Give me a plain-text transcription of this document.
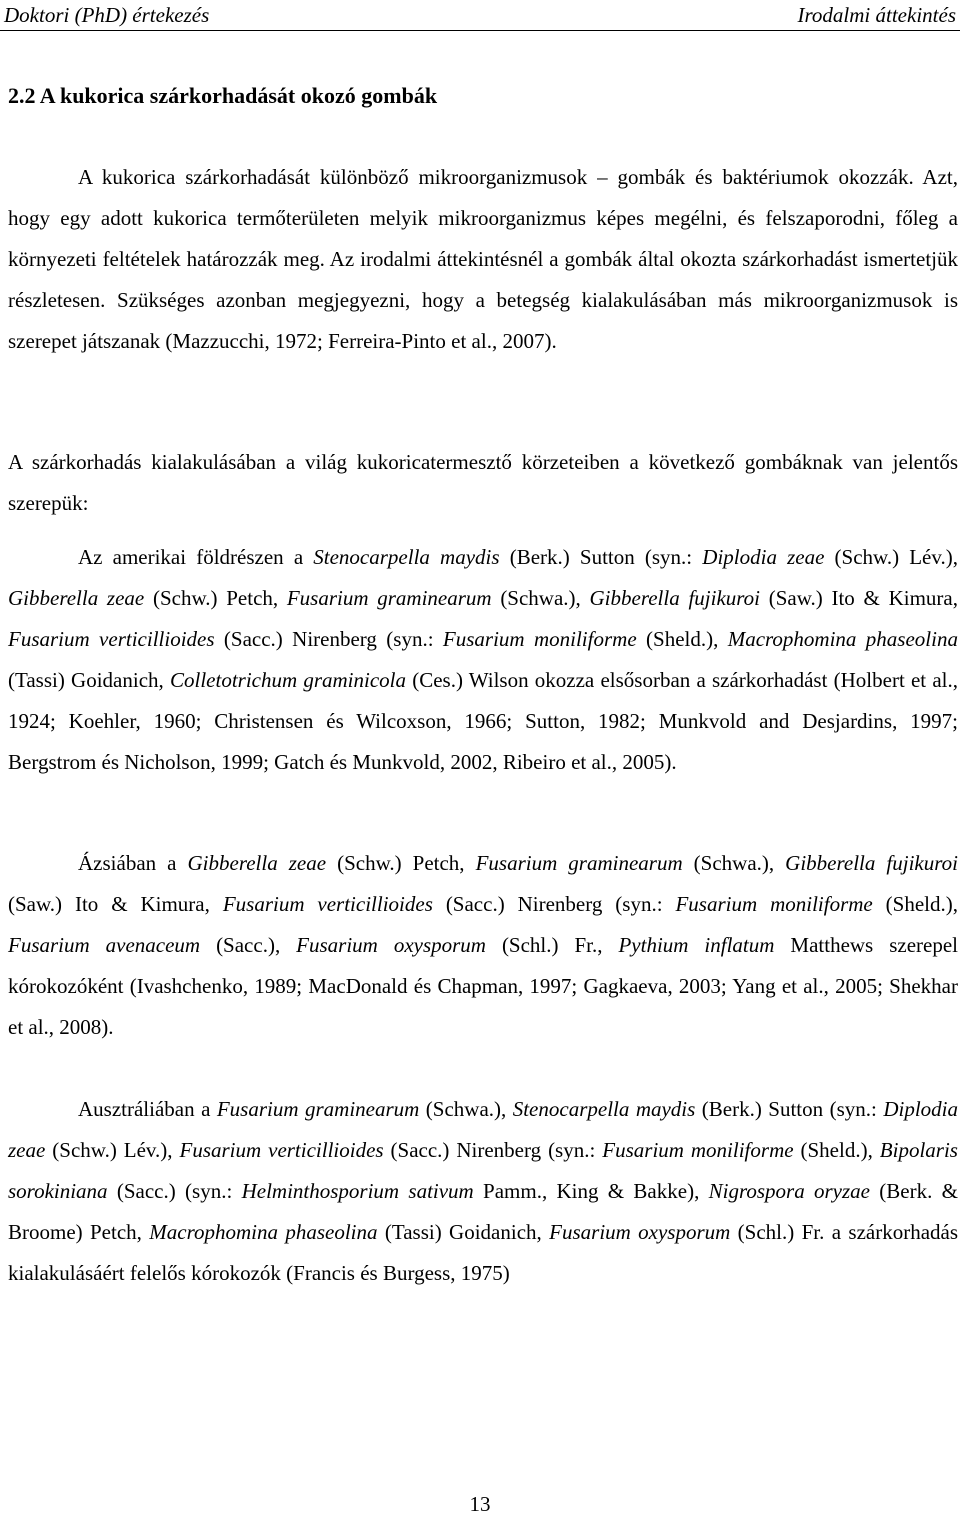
Doktori (PhD) értekezés	Irodalmi áttekintés
2.2 A kukorica szárkorhadását okozó gombák

A kukorica szárkorhadását különböző mikroorganizmusok – gombák és baktériumok okozzák. Azt, hogy egy adott kukorica termőterületen melyik mikroorganizmus képes megélni, és felszaporodni, főleg a környezeti feltételek határozzák meg. Az irodalmi áttekintésnél a gombák által okozta szárkorhadást ismertetjük részletesen. Szükséges azonban megjegyezni, hogy a betegség kialakulásában más mikroorganizmusok is szerepet játszanak (Mazzucchi, 1972; Ferreira-Pinto et al., 2007).

A szárkorhadás kialakulásában a világ kukoricatermesztő körzeteiben a következő gombáknak van jelentős szerepük:

Az amerikai földrészen a Stenocarpella maydis (Berk.) Sutton (syn.: Diplodia zeae (Schw.) Lév.), Gibberella zeae (Schw.) Petch, Fusarium graminearum (Schwa.), Gibberella fujikuroi (Saw.) Ito & Kimura, Fusarium verticillioides (Sacc.) Nirenberg (syn.: Fusarium moniliforme (Sheld.), Macrophomina phaseolina (Tassi) Goidanich, Colletotrichum graminicola (Ces.) Wilson okozza elsősorban a szárkorhadást (Holbert et al., 1924; Koehler, 1960; Christensen és Wilcoxson, 1966; Sutton, 1982; Munkvold and Desjardins, 1997; Bergstrom és Nicholson, 1999; Gatch és Munkvold, 2002, Ribeiro et al., 2005).

Ázsiában a Gibberella zeae (Schw.) Petch, Fusarium graminearum (Schwa.), Gibberella fujikuroi (Saw.) Ito & Kimura, Fusarium verticillioides (Sacc.) Nirenberg (syn.: Fusarium moniliforme (Sheld.), Fusarium avenaceum (Sacc.), Fusarium oxysporum (Schl.) Fr., Pythium inflatum Matthews szerepel kórokozóként (Ivashchenko, 1989; MacDonald és Chapman, 1997; Gagkaeva, 2003; Yang et al., 2005; Shekhar et al., 2008).

Ausztráliában a Fusarium graminearum (Schwa.), Stenocarpella maydis (Berk.) Sutton (syn.: Diplodia zeae (Schw.) Lév.), Fusarium verticillioides (Sacc.) Nirenberg (syn.: Fusarium moniliforme (Sheld.), Bipolaris sorokiniana (Sacc.) (syn.: Helminthosporium sativum Pamm., King & Bakke), Nigrospora oryzae (Berk. & Broome) Petch, Macrophomina phaseolina (Tassi) Goidanich, Fusarium oxysporum (Schl.) Fr. a szárkorhadás kialakulásáért felelős kórokozók (Francis és Burgess, 1975)

13
